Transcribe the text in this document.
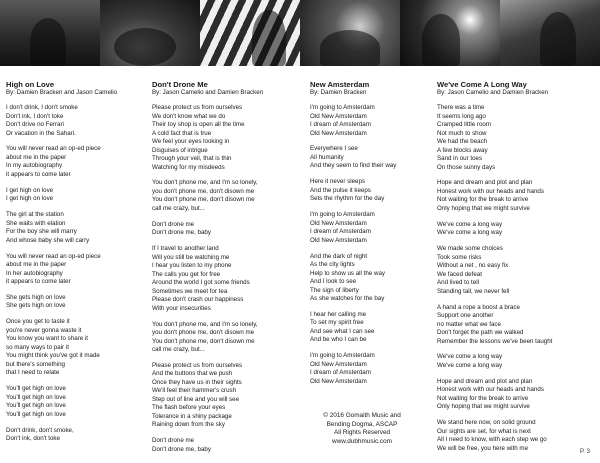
High on Love
By: Damien Bracken and Jason Camelio
I don't drink, I don't smoke
Don't ink, I don't toke
Don't drive no Ferrari
Or vacation in the Sahari.
You will never read an op-ed piece
about me in the paper
In my autobiography
it appears to come later
I get high on love
I get high on love
The girl at the station
She waits with elation
For the boy she will marry
And whose baby she will carry
You will never read an op-ed piece
about me in the paper
In her autobiography
it appears to come later
She gets high on love
She gets high on love
Once you get to taste it
you're never gonna waste it
You know you want to share it
so many ways to pair it
You might think you've got it made
but there's something
that I need to relate
You'll get high on love
You'll get high on love
You'll get high on love
You'll get high on love
Don't drink, don't smoke,
Don't ink, don't toke
Don't Drone Me
By: Jason Camelio and Damien Bracken
Please protect us from ourselves
We don't know what we do
Their toy shop is open all the time
A cold fact that is true
We feel your eyes looking in
Disguises of intrigue
Through your veil, that is thin
Watching for my misdeeds
You don't phone me, and I'm so lonely,
you don't phone me, don't disown me
You don't phone me, don't disown me
call me crazy, but...
Don't drone me
Don't drone me, baby
If I travel to another land
Will you still be watching me
I hear you listen to my phone
The calls you get for free
Around the world I got some friends
Sometimes we meet for tea
Please don't crash our happiness
With your insecurities
You don't phone me, and I'm so lonely,
you don't phone me, don't disown me
You don't phone me, don't disown me
call me crazy, but...
Please protect us from ourselves
And the buttons that we push
Once they have us in their sights
We'll feel their hammer's crush
Step out of line and you will see
The flash before your eyes
Tolerance in a shiny package
Raining down from the sky
Don't drone me
Don't drone me, baby
New Amsterdam
By: Damien Bracken
I'm going to Amsterdam
Old New Amsterdam
I dream of Amsterdam
Old New Amsterdam
Everywhere I see
All humanity
And they seem to find their way
Here it never sleeps
And the pulse it keeps
Sets the rhythm for the day
I'm going to Amsterdam
Old New Amsterdam
I dream of Amsterdam
Old New Amsterdam
And the dark of night
As the city lights
Help to show us all the way
And I look to see
The sign of liberty
As she watches for the bay
I hear her calling me
To set my spirit free
And see what I can see
And be who I can be
I'm going to Amsterdam
Old New Amsterdam
I dream of Amsterdam
Old New Amsterdam
We've Come A Long Way
By: Jason Camelio and Damien Bracken
There was a time
It seems long ago
Cramped little room
Not much to show
We had the beach
A few blocks away
Sand in our toes
On those sunny days
Hope and dream and plot and plan
Honest work with our heads and hands
Not waiting for the break to arrive
Only hoping that we might survive
We've come a long way
We've come a long way
We made some choices
Took some risks
Without a net , no easy fix
We faced defeat
And lived to tell
Standing tall, we never fell
A hand a rope a boost a brace
Support one another
no matter what we face
Don't forget the path we walked
Remember the lessons we've been taught
We've come a long way
We've come a long way
Hope and dream and plot and plan
Honest work with our heads and hands
Not waiting for the break to arrive
Only hoping that we might survive
We stand here now, on solid ground
Our sights are set, for what is next
All I need to know, with each step we go
We will be free, you here with me
© 2016 Gomaith Music and
Bending Dogma, ASCAP
All Rights Reserved
www.dubhmusic.com
P. 3
